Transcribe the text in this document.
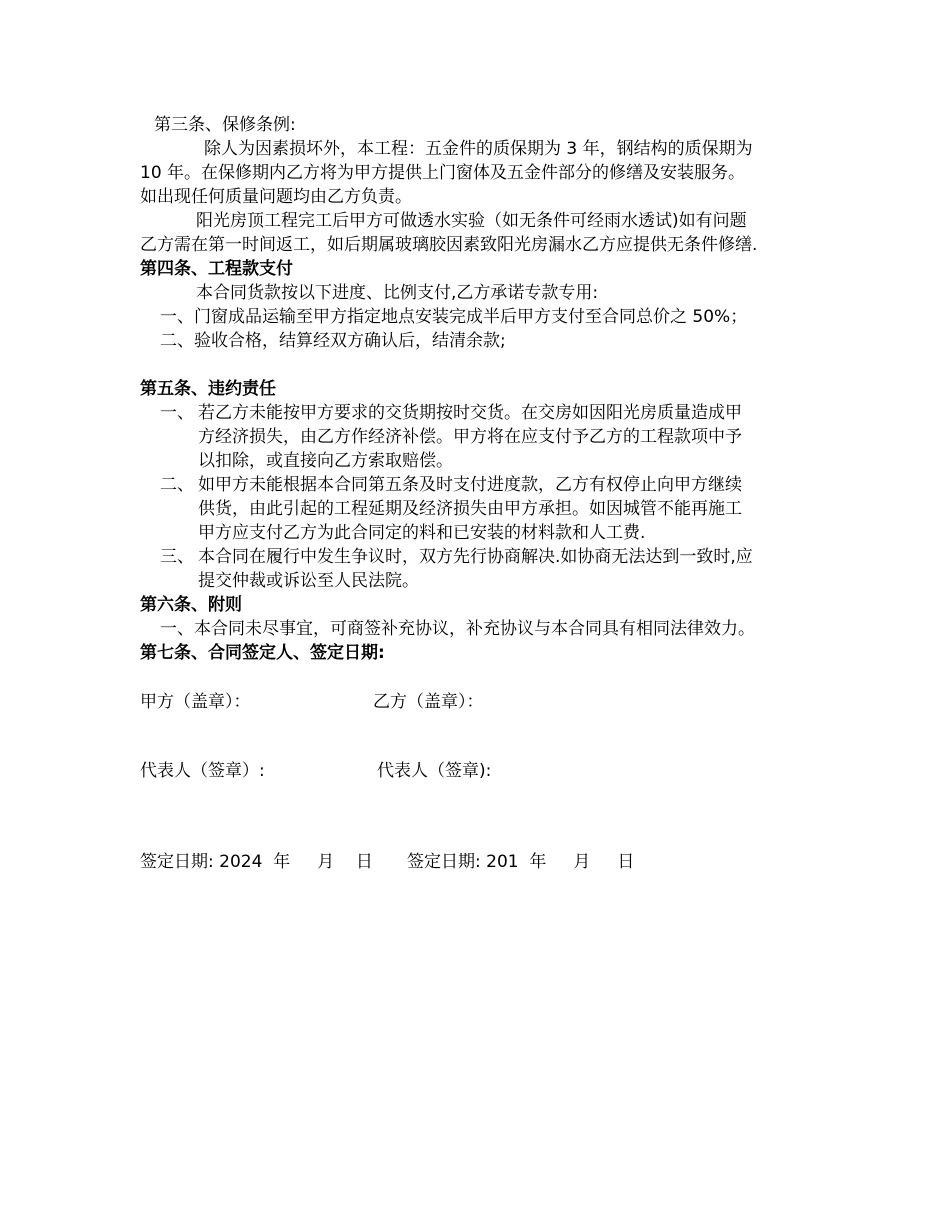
第三条、保修条例:
除人为因素损坏外，本工程：五金件的质保期为 3 年，钢结构的质保期为
10 年。在保修期内乙方将为甲方提供上门窗体及五金件部分的修缮及安装服务。
如出现任何质量问题均由乙方负责。
阳光房顶工程完工后甲方可做透水实验（如无条件可经雨水透试)如有问题
乙方需在第一时间返工，如后期属玻璃胶因素致阳光房漏水乙方应提供无条件修缮.
第四条、工程款支付
本合同货款按以下进度、比例支付,乙方承诺专款专用:
一、门窗成品运输至甲方指定地点安装完成半后甲方支付至合同总价之 50%；
二、验收合格，结算经双方确认后，结清余款;
第五条、违约责任
一、 若乙方未能按甲方要求的交货期按时交货。在交房如因阳光房质量造成甲
方经济损失，由乙方作经济补偿。甲方将在应支付予乙方的工程款项中予
以扣除，或直接向乙方索取赔偿。
二、 如甲方未能根据本合同第五条及时支付进度款，乙方有权停止向甲方继续
供货，由此引起的工程延期及经济损失由甲方承担。如因城管不能再施工
甲方应支付乙方为此合同定的料和已安装的材料款和人工费.
三、 本合同在履行中发生争议时，双方先行协商解决.如协商无法达到一致时,应
提交仲裁或诉讼至人民法院。
第六条、附则
一、本合同未尽事宜，可商签补充协议，补充协议与本合同具有相同法律效力。
第七条、合同签定人、签定日期:
甲方（盖章）：	乙方（盖章）：
代表人（签章）:	代表人（签章):
签定日期: 2024  年     月    日 签定日期: 201  年     月     日
